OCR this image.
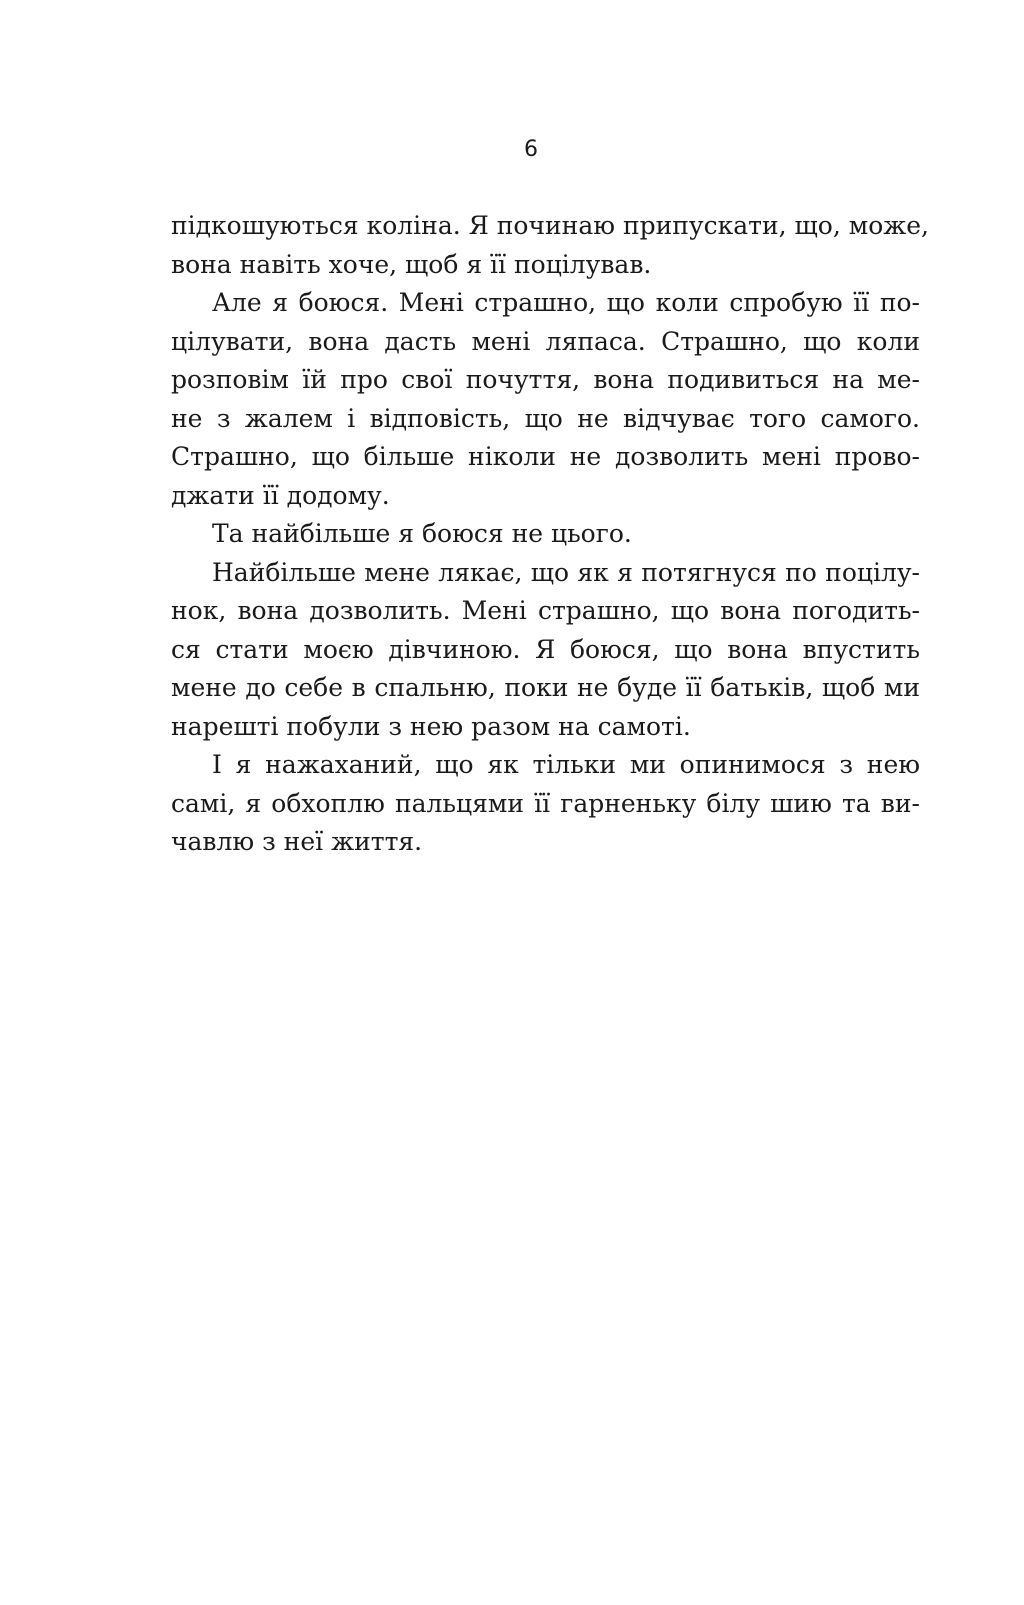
6
підкошуються коліна. Я починаю припускати, що, може,
вона навіть хоче, щоб я її поцілував.
Але я боюся. Мені страшно, що коли спробую її по-
цілувати, вона дасть мені ляпаса. Страшно, що коли
розповім їй про свої почуття, вона подивиться на ме-
не з жалем і відповість, що не відчуває того самого.
Страшно, що більше ніколи не дозволить мені прово-
джати її додому.
Та найбільше я боюся не цього.
Найбільше мене лякає, що як я потягнуся по поцілу-
нок, вона дозволить. Мені страшно, що вона погодить-
ся стати моєю дівчиною. Я боюся, що вона впустить
мене до себе в спальню, поки не буде її батьків, щоб ми
нарешті побули з нею разом на самоті.
І я нажаханий, що як тільки ми опинимося з нею
самі, я обхоплю пальцями її гарненьку білу шию та ви-
чавлю з неї життя.
